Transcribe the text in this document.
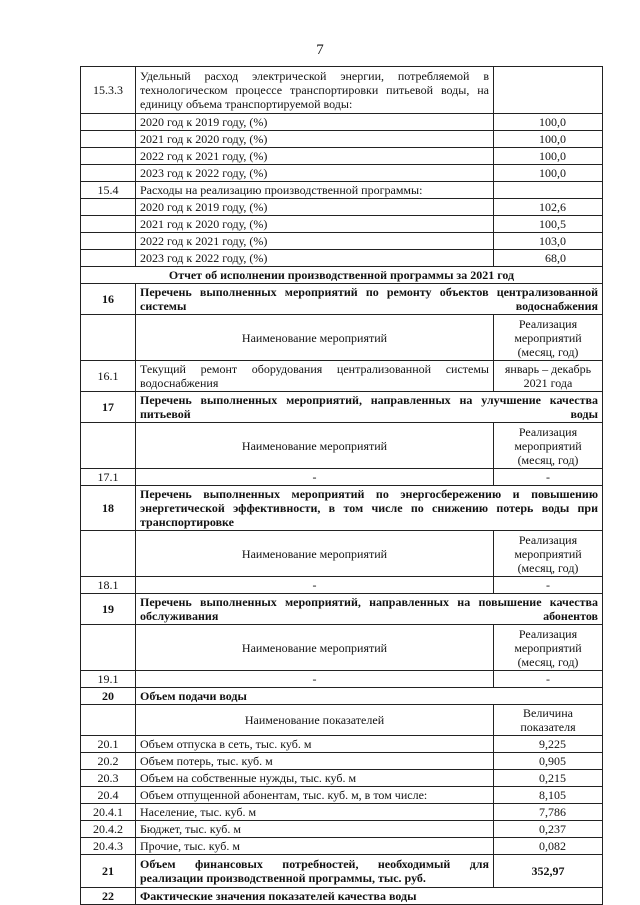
7
15.3.3	Удельный расход электрической энергии, потребляемой в технологическом процессе транспортировки питьевой воды, на единицу объема транспортируемой воды:	
	2020 год к 2019 году, (%)	100,0
	2021 год к 2020 году, (%)	100,0
	2022 год к 2021 году, (%)	100,0
	2023 год к 2022 году, (%)	100,0
15.4	Расходы на реализацию производственной программы:	
	2020 год к 2019 году, (%)	102,6
	2021 год к 2020 году, (%)	100,5
	2022 год к 2021 году, (%)	103,0
	2023 год к 2022 году, (%)	68,0
Отчет об исполнении производственной программы за 2021 год		
16	Перечень выполненных мероприятий по ремонту объектов централизованной системы водоснабжения	
	Наименование мероприятий	Реализация
мероприятий
(месяц, год)
16.1	Текущий ремонт оборудования централизованной системы водоснабжения	январь – декабрь
2021 года
17	Перечень выполненных мероприятий, направленных на улучшение качества питьевой воды	
	Наименование мероприятий	Реализация
мероприятий
(месяц, год)
17.1	-	-
18	Перечень выполненных мероприятий по энергосбережению и повышению энергетической эффективности, в том числе по снижению потерь воды при транспортировке	
	Наименование мероприятий	Реализация
мероприятий
(месяц, год)
18.1	-	-
19	Перечень выполненных мероприятий, направленных на повышение качества обслуживания абонентов	
	Наименование мероприятий	Реализация
мероприятий
(месяц, год)
19.1	-	-
20	Объем подачи воды	
	Наименование показателей	Величина
показателя
20.1	Объем отпуска в сеть, тыс. куб. м	9,225
20.2	Объем потерь, тыс. куб. м	0,905
20.3	Объем на собственные нужды, тыс. куб. м	0,215
20.4	Объем отпущенной абонентам, тыс. куб. м, в том числе:	8,105
20.4.1	Население, тыс. куб. м	7,786
20.4.2	Бюджет, тыс. куб. м	0,237
20.4.3	Прочие, тыс. куб. м	0,082
21	Объем финансовых потребностей, необходимый для реализации производственной программы, тыс. руб.	352,97
22	Фактические значения показателей качества воды	
